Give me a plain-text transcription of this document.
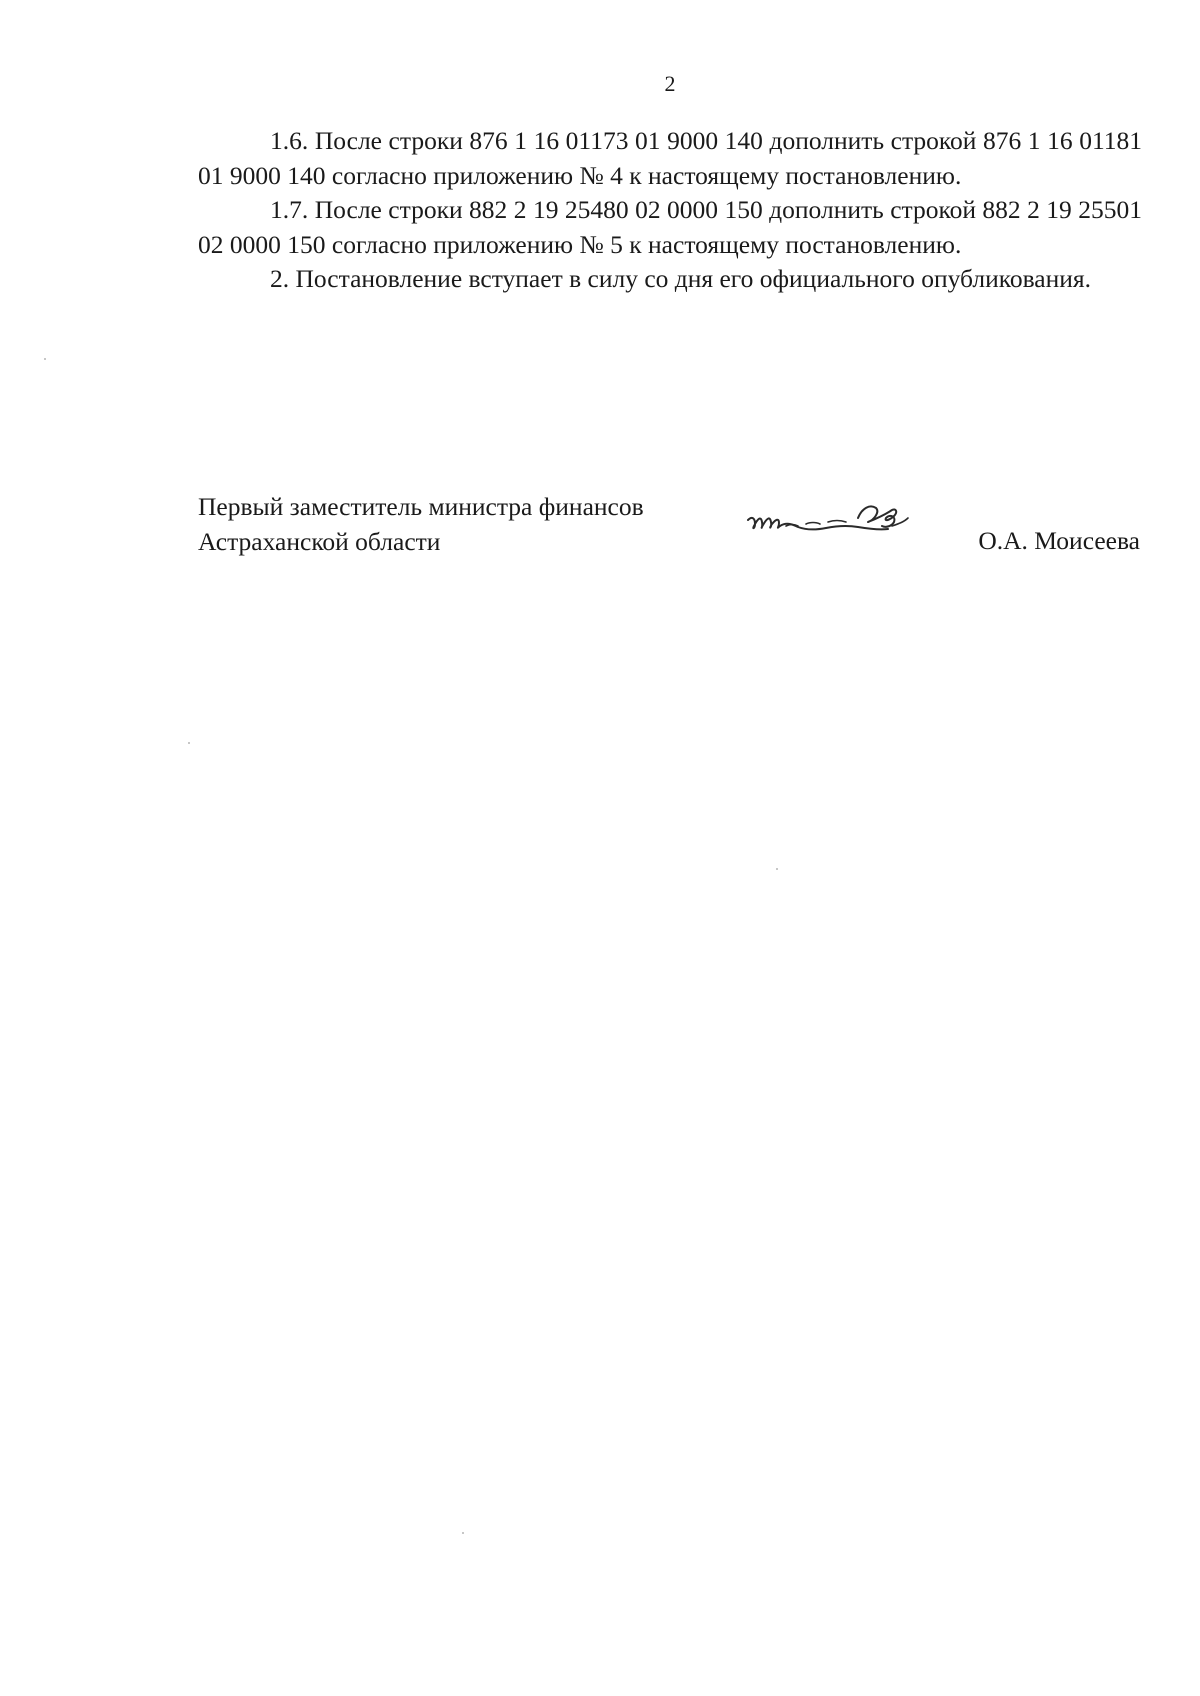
2

1.6. После строки 876 1 16 01173 01 9000 140 дополнить строкой 876 1 16 01181 01 9000 140 согласно приложению № 4 к настоящему постановлению.

1.7. После строки 882 2 19 25480 02 0000 150 дополнить строкой 882 2 19 25501 02 0000 150 согласно приложению № 5 к настоящему постановлению.

2. Постановление вступает в силу со дня его официального опубликования.

Первый заместитель министра финансов
Астраханской области	О.А. Моисеева
